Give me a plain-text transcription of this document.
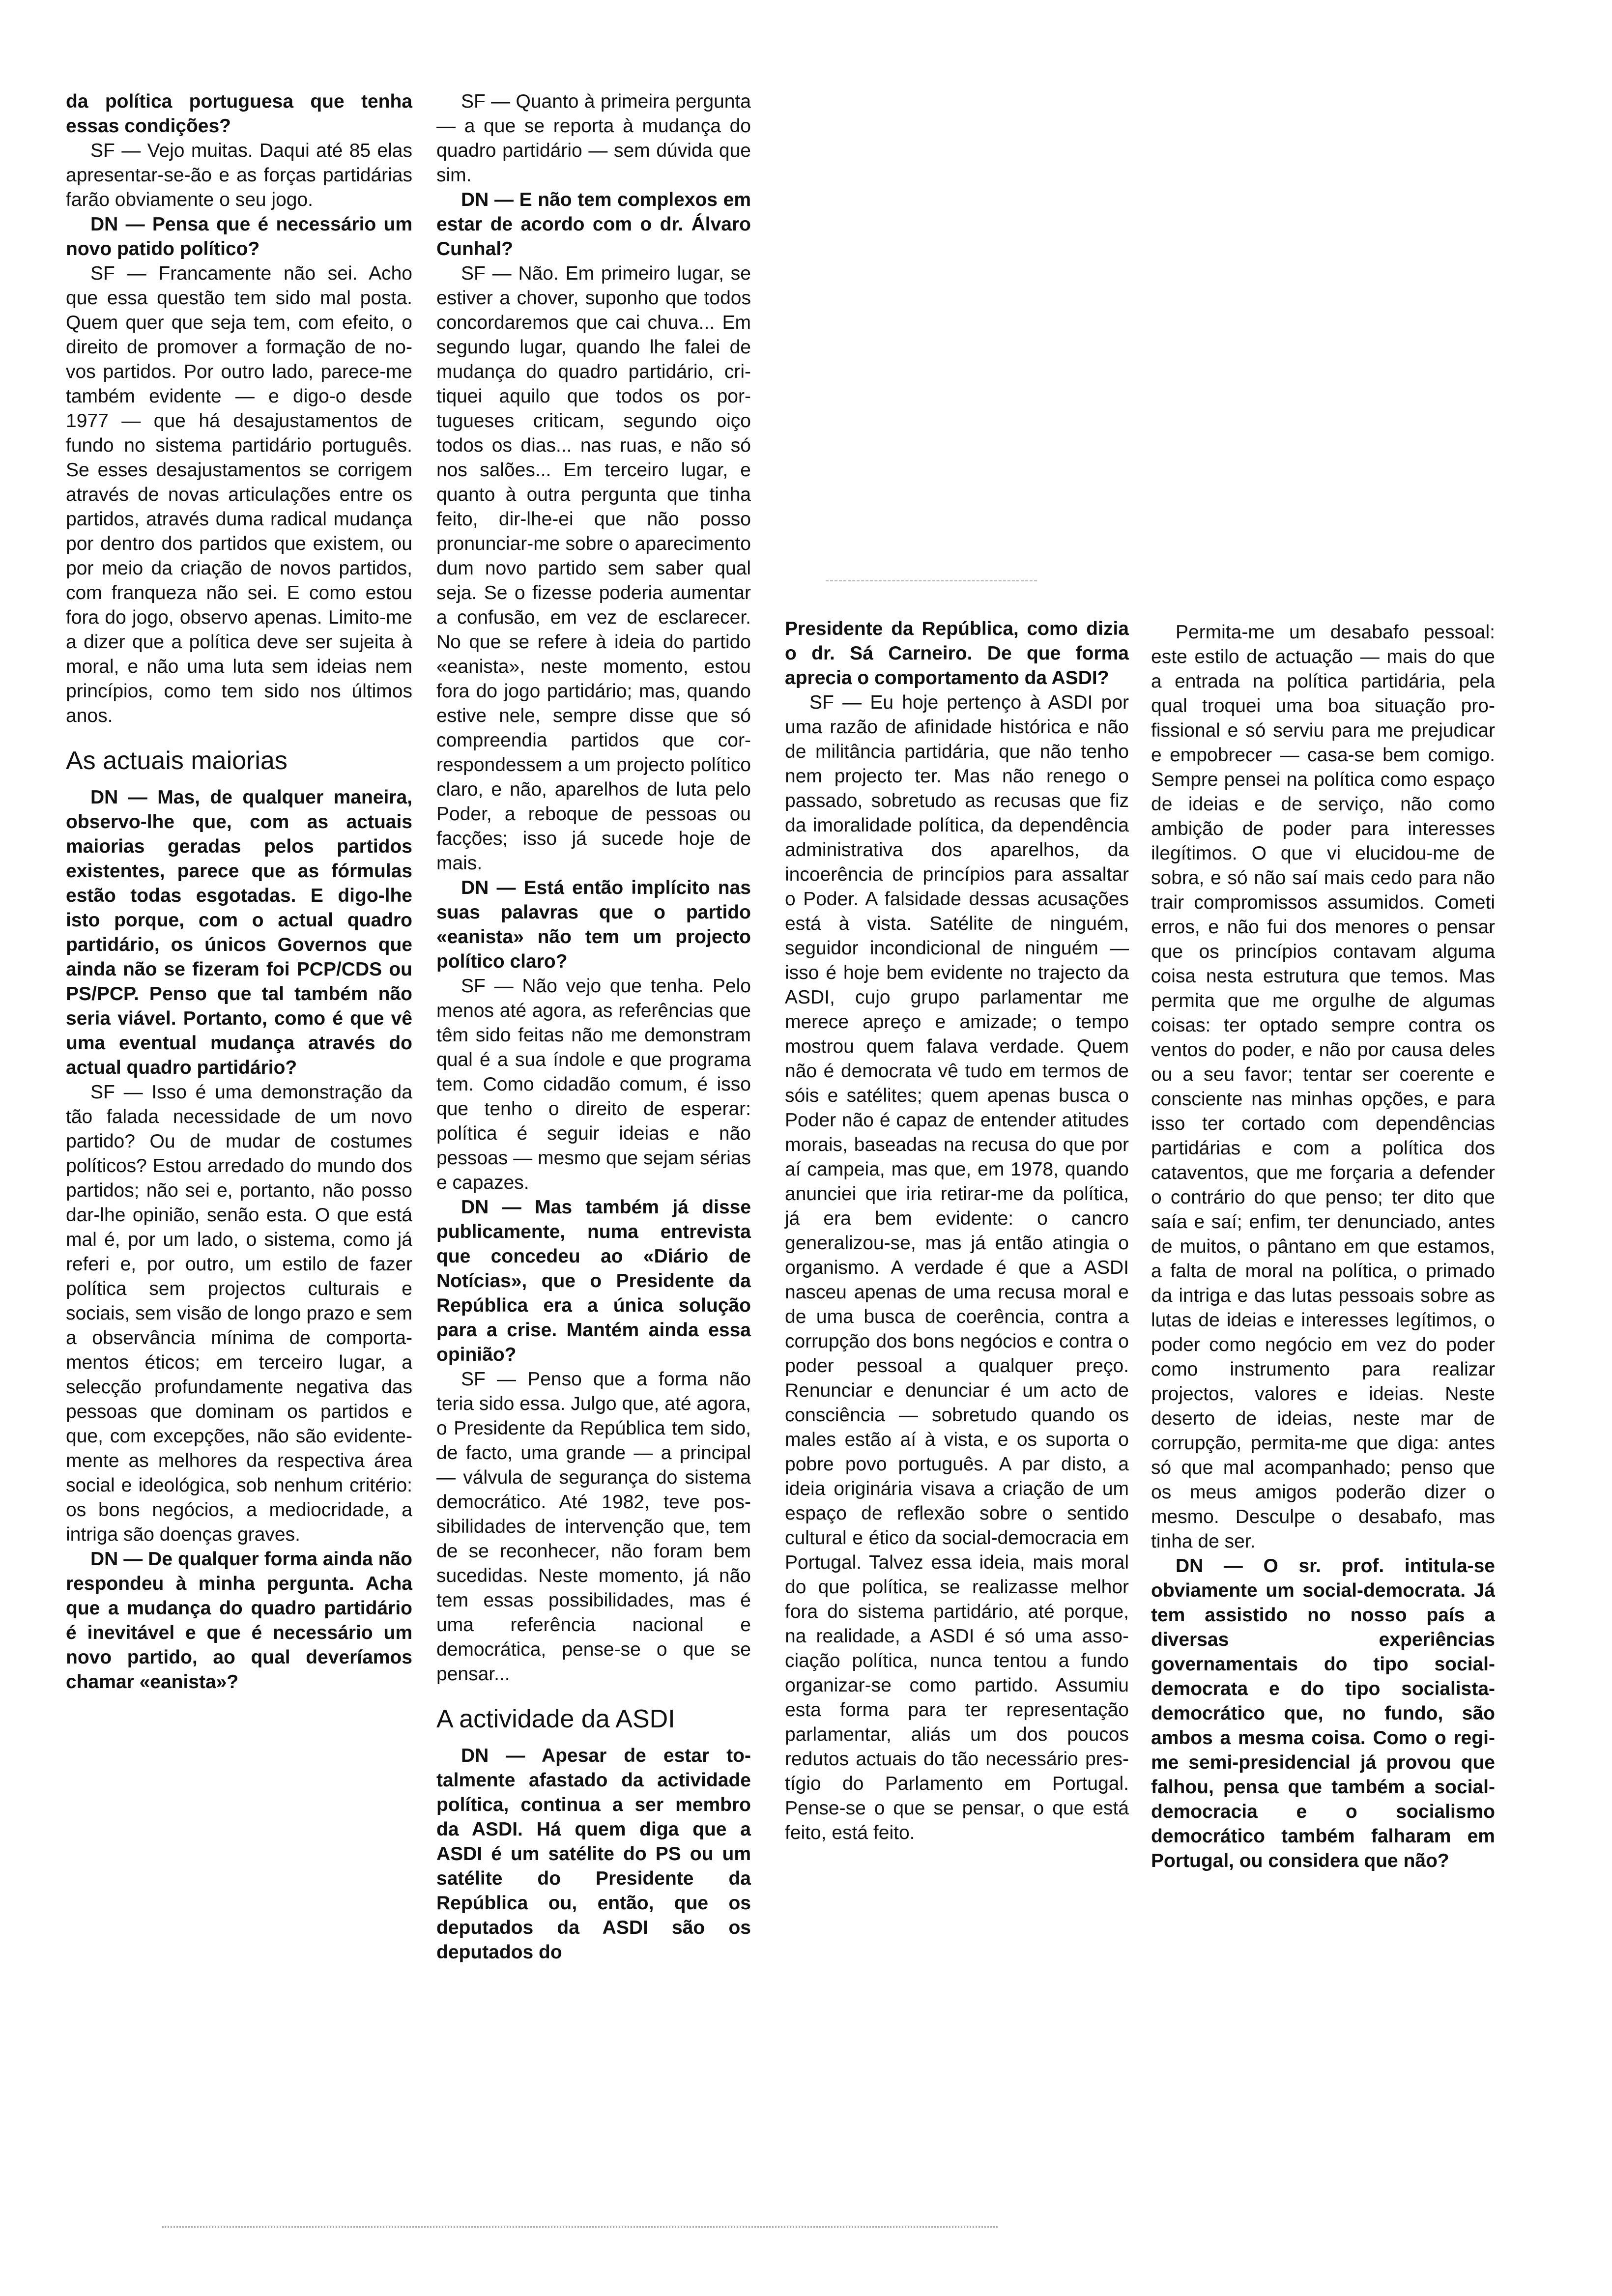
da política portuguesa que tenha essas condições?

SF — Vejo muitas. Daqui até 85 elas apresentar-se-ão e as forças partidárias farão obviamente o seu jogo.

DN — Pensa que é necessário um novo patido político?

SF — Francamente não sei. Acho que essa questão tem sido mal posta. Quem quer que seja tem, com efeito, o direito de promover a formação de novos partidos. Por outro lado, parece-me também evidente — e digo-o desde 1977 — que há desajustamentos de fundo no sistema partidário português. Se esses desajustamentos se corrigem através de novas articulações entre os partidos, através duma radical mudança por dentro dos partidos que existem, ou por meio da criação de novos partidos, com franqueza não sei. E como estou fora do jogo, observo apenas. Limito-me a dizer que a política deve ser sujeita à moral, e não uma luta sem ideias nem princípios, como tem sido nos últimos anos.

As actuais maiorias

DN — Mas, de qualquer maneira, observo-lhe que, com as actuais maiorias geradas pelos partidos existentes, parece que as fórmulas estão todas esgotadas. E digo-lhe isto porque, com o actual quadro partidário, os únicos Governos que ainda não se fizeram foi PCP/CDS ou PS/PCP. Penso que tal também não seria viável. Portanto, como é que vê uma eventual mudança através do actual quadro partidário?

SF — Isso é uma demonstração da tão falada necessidade de um novo partido? Ou de mudar de costumes políticos? Estou arredado do mundo dos partidos; não sei e, portanto, não posso dar-lhe opinião, senão esta. O que está mal é, por um lado, o sistema, como já referi e, por outro, um estilo de fazer política sem projectos culturais e sociais, sem visão de longo prazo e sem a observância mínima de comportamentos éticos; em terceiro lugar, a selecção profundamente negativa das pessoas que dominam os partidos e que, com excepções, não são evidentemente as melhores da respectiva área social e ideológica, sob nenhum critério: os bons negócios, a mediocridade, a intriga são doenças graves.

DN — De qualquer forma ainda não respondeu à minha pergunta. Acha que a mudança do quadro partidário é inevitável e que é necessário um novo partido, ao qual deveríamos chamar «eanista»?

SF — Quanto à primeira pergunta — a que se reporta à mudança do quadro partidário — sem dúvida que sim.

DN — E não tem complexos em estar de acordo com o dr. Álvaro Cunhal?

SF — Não. Em primeiro lugar, se estiver a chover, suponho que todos concordaremos que cai chuva... Em segundo lugar, quando lhe falei de mudança do quadro partidário, critiquei aquilo que todos os portugueses criticam, segundo oiço todos os dias... nas ruas, e não só nos salões... Em terceiro lugar, e quanto à outra pergunta que tinha feito, dir-lhe-ei que não posso pronunciar-me sobre o aparecimento dum novo partido sem saber qual seja. Se o fizesse poderia aumentar a confusão, em vez de esclarecer. No que se refere à ideia do partido «eanista», neste momento, estou fora do jogo partidário; mas, quando estive nele, sempre disse que só compreendia partidos que correspondessem a um projecto político claro, e não, aparelhos de luta pelo Poder, a reboque de pessoas ou facções; isso já sucede hoje de mais.

DN — Está então implícito nas suas palavras que o partido «eanista» não tem um projecto político claro?

SF — Não vejo que tenha. Pelo menos até agora, as referências que têm sido feitas não me demonstram qual é a sua índole e que programa tem. Como cidadão comum, é isso que tenho o direito de esperar: política é seguir ideias e não pessoas — mesmo que sejam sérias e capazes.

DN — Mas também já disse publicamente, numa entrevista que concedeu ao «Diário de Notícias», que o Presidente da República era a única solução para a crise. Mantém ainda essa opinião?

SF — Penso que a forma não teria sido essa. Julgo que, até agora, o Presidente da República tem sido, de facto, uma grande — a principal — válvula de segurança do sistema democrático. Até 1982, teve possibilidades de intervenção que, tem de se reconhecer, não foram bem sucedidas. Neste momento, já não tem essas possibilidades, mas é uma referência nacional e democrática, pense-se o que se pensar...

A actividade da ASDI

DN — Apesar de estar totalmente afastado da actividade política, continua a ser membro da ASDI. Há quem diga que a ASDI é um satélite do PS ou um satélite do Presidente da República ou, então, que os deputados da ASDI são os deputados do

Presidente da República, como dizia o dr. Sá Carneiro. De que forma aprecia o comportamento da ASDI?

SF — Eu hoje pertenço à ASDI por uma razão de afinidade histórica e não de militância partidária, que não tenho nem projecto ter. Mas não renego o passado, sobretudo as recusas que fiz da imoralidade política, da dependência administrativa dos aparelhos, da incoerência de princípios para assaltar o Poder. A falsidade dessas acusações está à vista. Satélite de ninguém, seguidor incondicional de ninguém — isso é hoje bem evidente no trajecto da ASDI, cujo grupo parlamentar me merece apreço e amizade; o tempo mostrou quem falava verdade. Quem não é democrata vê tudo em termos de sóis e satélites; quem apenas busca o Poder não é capaz de entender atitudes morais, baseadas na recusa do que por aí campeia, mas que, em 1978, quando anunciei que iria retirar-me da política, já era bem evidente: o cancro generalizou-se, mas já então atingia o organismo. A verdade é que a ASDI nasceu apenas de uma recusa moral e de uma busca de coerência, contra a corrupção dos bons negócios e contra o poder pessoal a qualquer preço. Renunciar e denunciar é um acto de consciência — sobretudo quando os males estão aí à vista, e os suporta o pobre povo português. A par disto, a ideia originária visava a criação de um espaço de reflexão sobre o sentido cultural e ético da social-democracia em Portugal. Talvez essa ideia, mais moral do que política, se realizasse melhor fora do sistema partidário, até porque, na realidade, a ASDI é só uma associação política, nunca tentou a fundo organizar-se como partido. Assumiu esta forma para ter representação parlamentar, aliás um dos poucos redutos actuais do tão necessário prestígio do Parlamento em Portugal. Pense-se o que se pensar, o que está feito, está feito.

Permita-me um desabafo pessoal: este estilo de actuação — mais do que a entrada na política partidária, pela qual troquei uma boa situação profissional e só serviu para me prejudicar e empobrecer — casa-se bem comigo. Sempre pensei na política como espaço de ideias e de serviço, não como ambição de poder para interesses ilegítimos. O que vi elucidou-me de sobra, e só não saí mais cedo para não trair compromissos assumidos. Cometi erros, e não fui dos menores o pensar que os princípios contavam alguma coisa nesta estrutura que temos. Mas permita que me orgulhe de algumas coisas: ter optado sempre contra os ventos do poder, e não por causa deles ou a seu favor; tentar ser coerente e consciente nas minhas opções, e para isso ter cortado com dependências partidárias e com a política dos cataventos, que me forçaria a defender o contrário do que penso; ter dito que saía e saí; enfim, ter denunciado, antes de muitos, o pântano em que estamos, a falta de moral na política, o primado da intriga e das lutas pessoais sobre as lutas de ideias e interesses legítimos, o poder como negócio em vez do poder como instrumento para realizar projectos, valores e ideias. Neste deserto de ideias, neste mar de corrupção, permita-me que diga: antes só que mal acompanhado; penso que os meus amigos poderão dizer o mesmo. Desculpe o desabafo, mas tinha de ser.

DN — O sr. prof. intitula-se obviamente um social-democrata. Já tem assistido no nosso país a diversas experiências governamentais do tipo social-democrata e do tipo socialista-democrático que, no fundo, são ambos a mesma coisa. Como o regime semi-presidencial já provou que falhou, pensa que também a social-democracia e o socialismo democrático também falharam em Portugal, ou considera que não?
